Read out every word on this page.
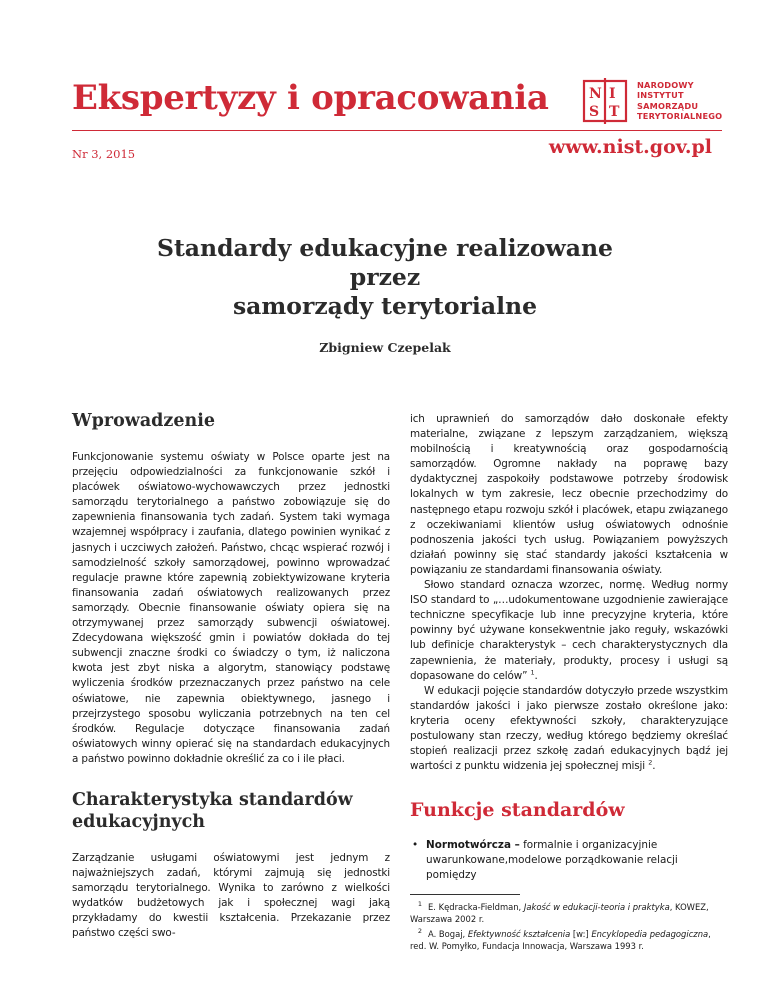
Ekspertyzy i opracowania	N I
S T
NARODOWY
INSTYTUT
SAMORZĄDU
TERYTORIALNEGO
Nr 3, 2015	www.nist.gov.pl
Standardy edukacyjne realizowane
przez
samorządy terytorialne
Zbigniew Czepelak
Wprowadzenie

Funkcjonowanie systemu oświaty w Polsce oparte jest na przejęciu odpowiedzialności za funkcjonowanie szkół i placówek oświatowo-wychowawczych przez jednostki samorządu terytorialnego a państwo zobowiązuje się do zapewnienia finansowania tych zadań. System taki wymaga wzajemnej współpracy i zaufania, dlatego powinien wynikać z jasnych i uczciwych założeń. Państwo, chcąc wspierać rozwój i samodzielność szkoły samorządowej, powinno wprowadzać regulacje prawne które zapewnią zobiektywizowane kryteria finansowania zadań oświatowych realizowanych przez samorządy. Obecnie finansowanie oświaty opiera się na otrzymywanej przez samorządy subwencji oświatowej. Zdecydowana większość gmin i powiatów dokłada do tej subwencji znaczne środki co świadczy o tym, iż naliczona kwota jest zbyt niska a algorytm, stanowiący podstawę wyliczenia środków przeznaczanych przez państwo na cele oświatowe, nie zapewnia obiektywnego, jasnego i przejrzystego sposobu wyliczania potrzebnych na ten cel środków. Regulacje dotyczące finansowania zadań oświatowych winny opierać się na standardach edukacyjnych a państwo powinno dokładnie określić za co i ile płaci.

Charakterystyka standardów edukacyjnych

Zarządzanie usługami oświatowymi jest jednym z najważniejszych zadań, którymi zajmują się jednostki samorządu terytorialnego. Wynika to zarówno z wielkości wydatków budżetowych jak i społecznej wagi jaką przykładamy do kwestii kształcenia. Przekazanie przez państwo części swo-

ich uprawnień do samorządów dało doskonałe efekty materialne, związane z lepszym zarządzaniem, większą mobilnością i kreatywnością oraz gospodarnością samorządów. Ogromne nakłady na poprawę bazy dydaktycznej zaspokoiły podstawowe potrzeby środowisk lokalnych w tym zakresie, lecz obecnie przechodzimy do następnego etapu rozwoju szkół i placówek, etapu związanego z oczekiwaniami klientów usług oświatowych odnośnie podnoszenia jakości tych usług. Powiązaniem powyższych działań powinny się stać standardy jakości kształcenia w powiązaniu ze standardami finansowania oświaty.

Słowo standard oznacza wzorzec, normę. Według normy ISO standard to „…udokumentowane uzgodnienie zawierające techniczne specyfikacje lub inne precyzyjne kryteria, które powinny być używane konsekwentnie jako reguły, wskazówki lub definicje charakterystyk – cech charakterystycznych dla zapewnienia, że materiały, produkty, procesy i usługi są dopasowane do celów” $^1$.

W edukacji pojęcie standardów dotyczyło przede wszystkim standardów jakości i jako pierwsze zostało określone jako: kryteria oceny efektywności szkoły, charakteryzujące postulowany stan rzeczy, według którego będziemy określać stopień realizacji przez szkołę zadań edukacyjnych bądź jej wartości z punktu widzenia jej społecznej misji $^2$.

Funkcje standardów
• Normotwórcza – formalnie i organizacyjnie uwarunkowane,modelowe porządkowanie relacji pomiędzy
1 E. Kędracka-Fieldman, Jakość w edukacji-teoria i praktyka, KOWEZ, Warszawa 2002 r.
2 A. Bogaj, Efektywność kształcenia [w:] Encyklopedia pedagogiczna, red. W. Pomyłko, Fundacja Innowacja, Warszawa 1993 r.
